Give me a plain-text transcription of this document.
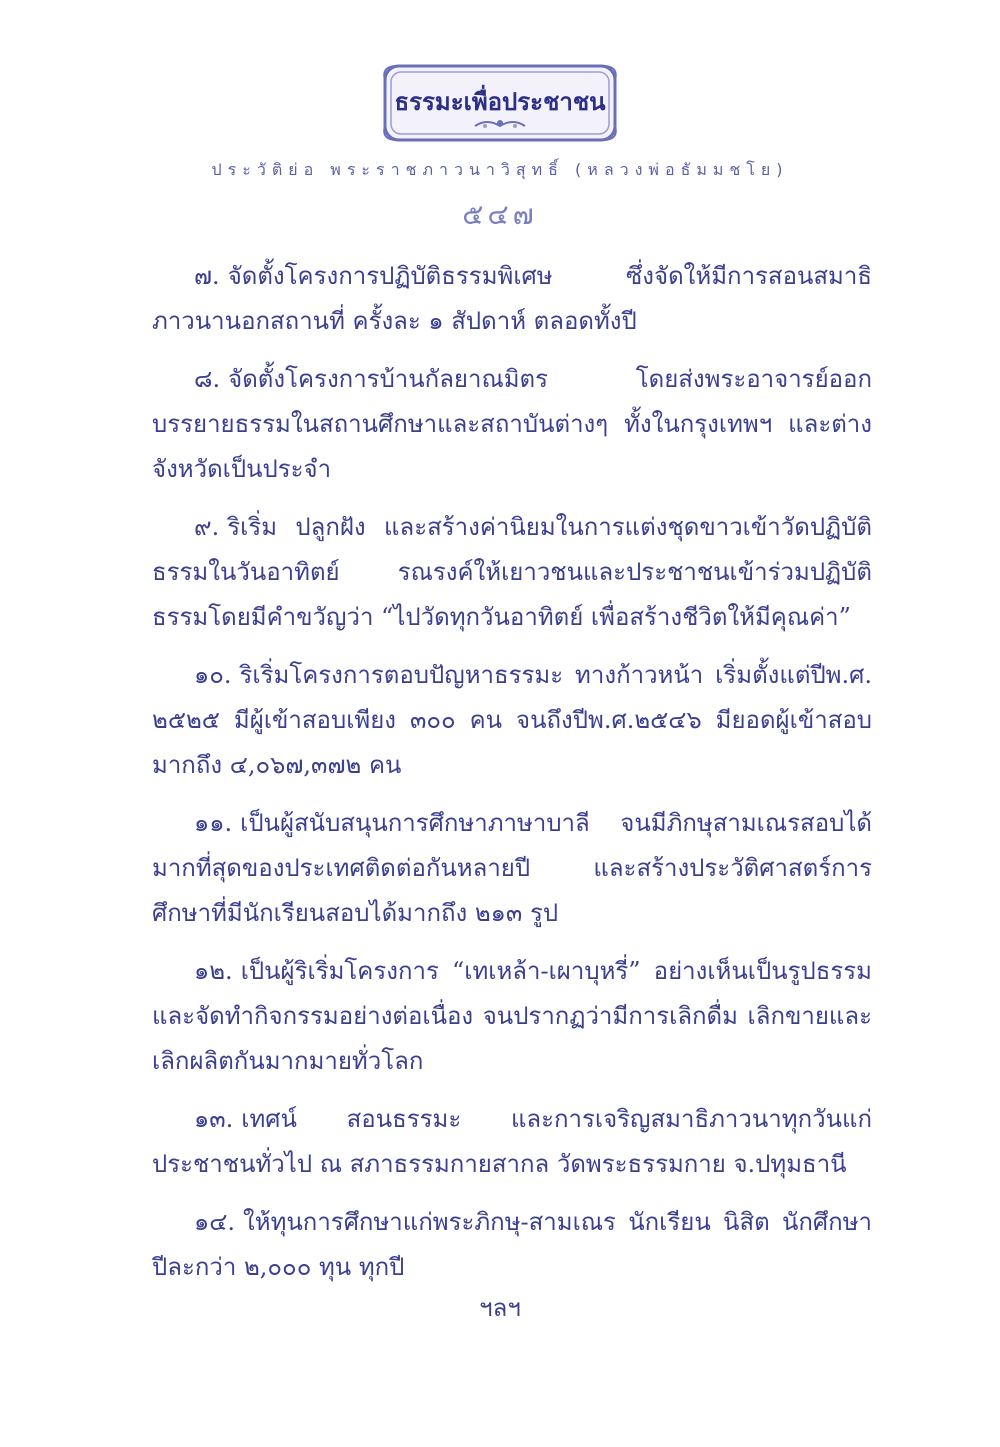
ธรรมะเพื่อประชาชน
ประวัติย่อ พระราชภาวนาวิสุทธิ์ (หลวงพ่อธัมมชโย)
๕๔๗

๗. จัดตั้งโครงการปฏิบัติธรรมพิเศษ ซึ่งจัดให้มีการสอนสมาธิภาวนานอกสถานที่ ครั้งละ ๑ สัปดาห์ ตลอดทั้งปี

๘. จัดตั้งโครงการบ้านกัลยาณมิตร โดยส่งพระอาจารย์ออกบรรยายธรรมในสถานศึกษาและสถาบันต่างๆ ทั้งในกรุงเทพฯ และต่างจังหวัดเป็นประจำ

๙. ริเริ่ม ปลูกฝัง และสร้างค่านิยมในการแต่งชุดขาวเข้าวัดปฏิบัติธรรมในวันอาทิตย์ รณรงค์ให้เยาวชนและประชาชนเข้าร่วมปฏิบัติธรรมโดยมีคำขวัญว่า “ไปวัดทุกวันอาทิตย์ เพื่อสร้างชีวิตให้มีคุณค่า”

๑๐. ริเริ่มโครงการตอบปัญหาธรรมะ ทางก้าวหน้า เริ่มตั้งแต่ปีพ.ศ. ๒๕๒๕ มีผู้เข้าสอบเพียง ๓๐๐ คน จนถึงปีพ.ศ.๒๕๔๖ มียอดผู้เข้าสอบมากถึง ๔,๐๖๗,๓๗๒ คน

๑๑. เป็นผู้สนับสนุนการศึกษาภาษาบาลี จนมีภิกษุสามเณรสอบได้มากที่สุดของประเทศติดต่อกันหลายปี และสร้างประวัติศาสตร์การศึกษาที่มีนักเรียนสอบได้มากถึง ๒๑๓ รูป

๑๒. เป็นผู้ริเริ่มโครงการ “เทเหล้า-เผาบุหรี่” อย่างเห็นเป็นรูปธรรมและจัดทำกิจกรรมอย่างต่อเนื่อง จนปรากฏว่ามีการเลิกดื่ม เลิกขายและเลิกผลิตกันมากมายทั่วโลก

๑๓. เทศน์ สอนธรรมะ และการเจริญสมาธิภาวนาทุกวันแก่ประชาชนทั่วไป ณ สภาธรรมกายสากล วัดพระธรรมกาย จ.ปทุมธานี

๑๔. ให้ทุนการศึกษาแก่พระภิกษุ-สามเณร นักเรียน นิสิต นักศึกษาปีละกว่า ๒,๐๐๐ ทุน ทุกปี

ฯลฯ
